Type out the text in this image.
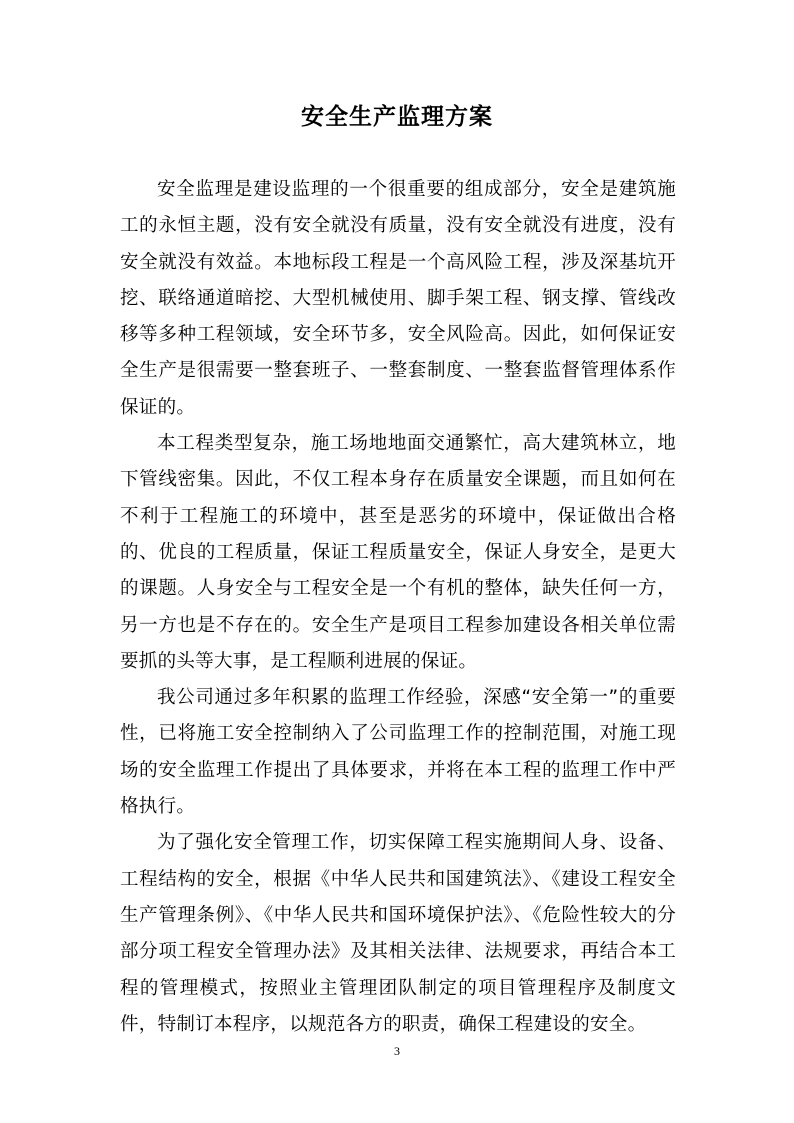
安全生产监理方案

安全监理是建设监理的一个很重要的组成部分，安全是建筑施工的永恒主题，没有安全就没有质量，没有安全就没有进度，没有安全就没有效益。本地标段工程是一个高风险工程，涉及深基坑开挖、联络通道暗挖、大型机械使用、脚手架工程、钢支撑、管线改移等多种工程领域，安全环节多，安全风险高。因此，如何保证安全生产是很需要一整套班子、一整套制度、一整套监督管理体系作保证的。

本工程类型复杂，施工场地地面交通繁忙，高大建筑林立，地下管线密集。因此，不仅工程本身存在质量安全课题，而且如何在不利于工程施工的环境中，甚至是恶劣的环境中，保证做出合格的、优良的工程质量，保证工程质量安全，保证人身安全，是更大的课题。人身安全与工程安全是一个有机的整体，缺失任何一方，另一方也是不存在的。安全生产是项目工程参加建设各相关单位需要抓的头等大事，是工程顺利进展的保证。

我公司通过多年积累的监理工作经验，深感“安全第一”的重要性，已将施工安全控制纳入了公司监理工作的控制范围，对施工现场的安全监理工作提出了具体要求，并将在本工程的监理工作中严格执行。

为了强化安全管理工作，切实保障工程实施期间人身、设备、工程结构的安全，根据《中华人民共和国建筑法》、《建设工程安全生产管理条例》、《中华人民共和国环境保护法》、《危险性较大的分部分项工程安全管理办法》及其相关法律、法规要求，再结合本工程的管理模式，按照业主管理团队制定的项目管理程序及制度文件，特制订本程序，以规范各方的职责，确保工程建设的安全。

3
